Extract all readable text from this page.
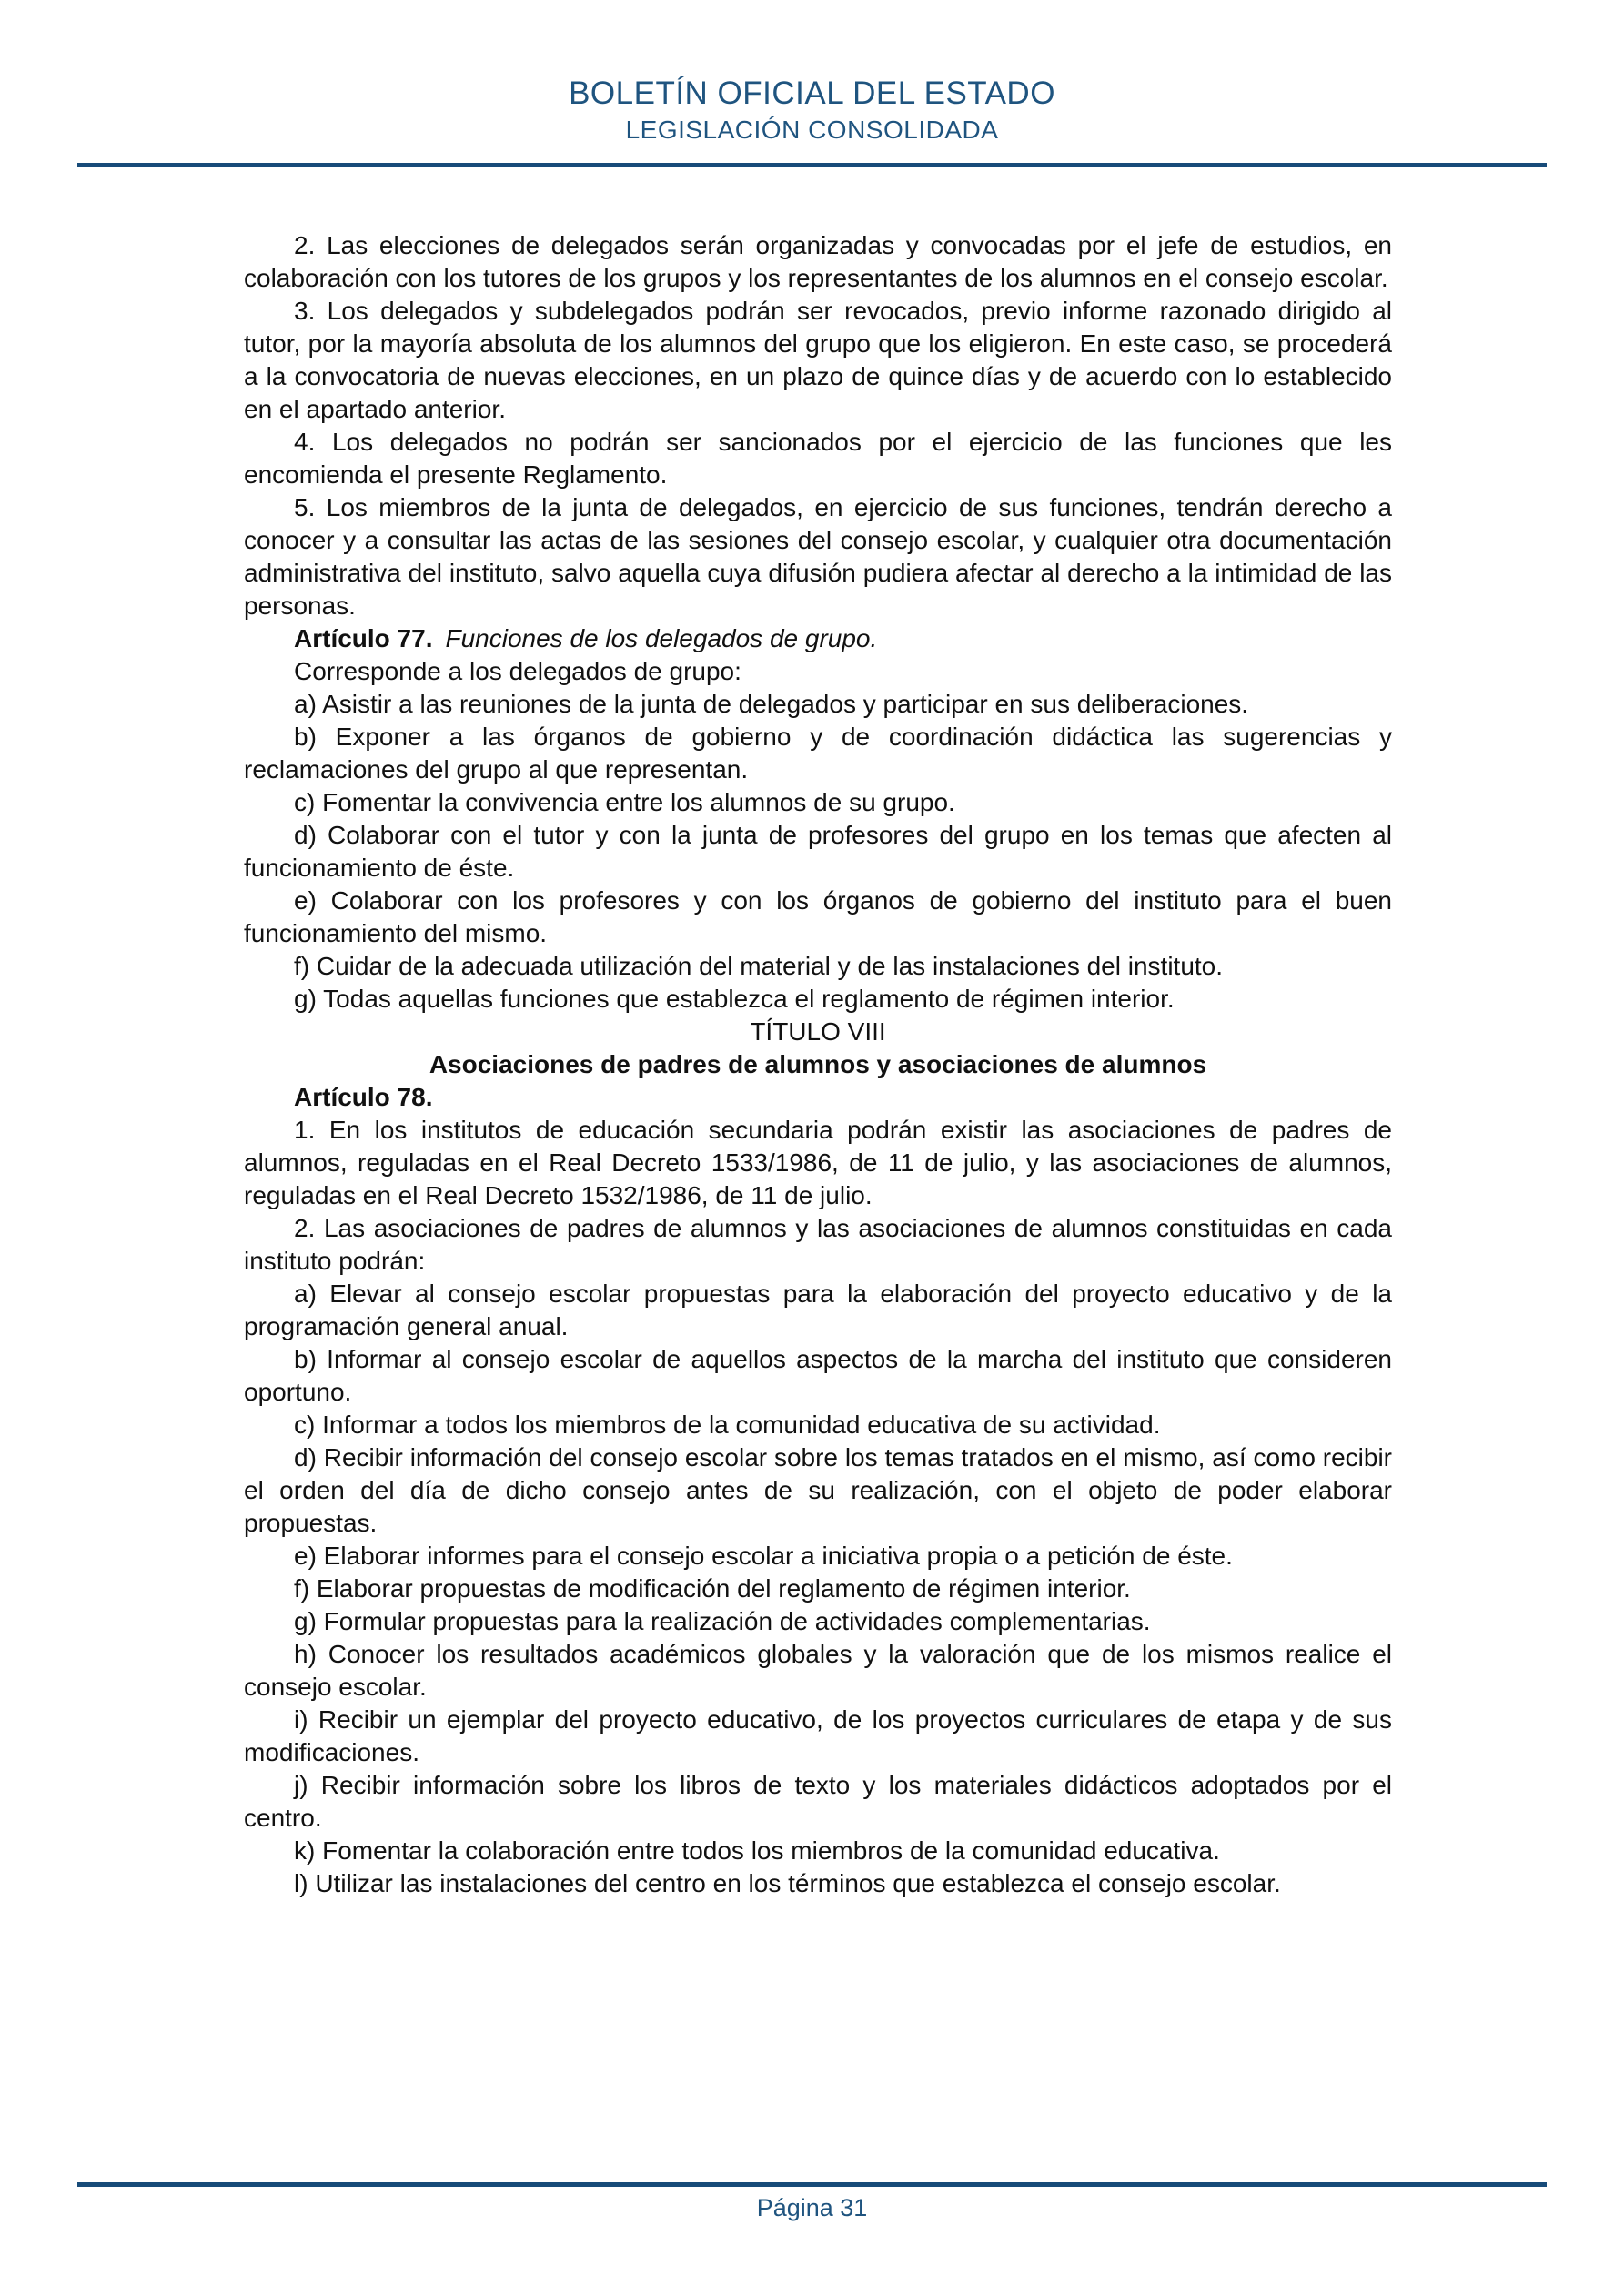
BOLETÍN OFICIAL DEL ESTADO
LEGISLACIÓN CONSOLIDADA

2. Las elecciones de delegados serán organizadas y convocadas por el jefe de estudios, en colaboración con los tutores de los grupos y los representantes de los alumnos en el consejo escolar.

3. Los delegados y subdelegados podrán ser revocados, previo informe razonado dirigido al tutor, por la mayoría absoluta de los alumnos del grupo que los eligieron. En este caso, se procederá a la convocatoria de nuevas elecciones, en un plazo de quince días y de acuerdo con lo establecido en el apartado anterior.

4. Los delegados no podrán ser sancionados por el ejercicio de las funciones que les encomienda el presente Reglamento.

5. Los miembros de la junta de delegados, en ejercicio de sus funciones, tendrán derecho a conocer y a consultar las actas de las sesiones del consejo escolar, y cualquier otra documentación administrativa del instituto, salvo aquella cuya difusión pudiera afectar al derecho a la intimidad de las personas.

Artículo 77. Funciones de los delegados de grupo.

Corresponde a los delegados de grupo:

a) Asistir a las reuniones de la junta de delegados y participar en sus deliberaciones.

b) Exponer a las órganos de gobierno y de coordinación didáctica las sugerencias y reclamaciones del grupo al que representan.

c) Fomentar la convivencia entre los alumnos de su grupo.

d) Colaborar con el tutor y con la junta de profesores del grupo en los temas que afecten al funcionamiento de éste.

e) Colaborar con los profesores y con los órganos de gobierno del instituto para el buen funcionamiento del mismo.

f) Cuidar de la adecuada utilización del material y de las instalaciones del instituto.

g) Todas aquellas funciones que establezca el reglamento de régimen interior.

TÍTULO VIII

Asociaciones de padres de alumnos y asociaciones de alumnos

Artículo 78.

1. En los institutos de educación secundaria podrán existir las asociaciones de padres de alumnos, reguladas en el Real Decreto 1533/1986, de 11 de julio, y las asociaciones de alumnos, reguladas en el Real Decreto 1532/1986, de 11 de julio.

2. Las asociaciones de padres de alumnos y las asociaciones de alumnos constituidas en cada instituto podrán:

a) Elevar al consejo escolar propuestas para la elaboración del proyecto educativo y de la programación general anual.

b) Informar al consejo escolar de aquellos aspectos de la marcha del instituto que consideren oportuno.

c) Informar a todos los miembros de la comunidad educativa de su actividad.

d) Recibir información del consejo escolar sobre los temas tratados en el mismo, así como recibir el orden del día de dicho consejo antes de su realización, con el objeto de poder elaborar propuestas.

e) Elaborar informes para el consejo escolar a iniciativa propia o a petición de éste.

f) Elaborar propuestas de modificación del reglamento de régimen interior.

g) Formular propuestas para la realización de actividades complementarias.

h) Conocer los resultados académicos globales y la valoración que de los mismos realice el consejo escolar.

i) Recibir un ejemplar del proyecto educativo, de los proyectos curriculares de etapa y de sus modificaciones.

j) Recibir información sobre los libros de texto y los materiales didácticos adoptados por el centro.

k) Fomentar la colaboración entre todos los miembros de la comunidad educativa.

l) Utilizar las instalaciones del centro en los términos que establezca el consejo escolar.

Página 31
